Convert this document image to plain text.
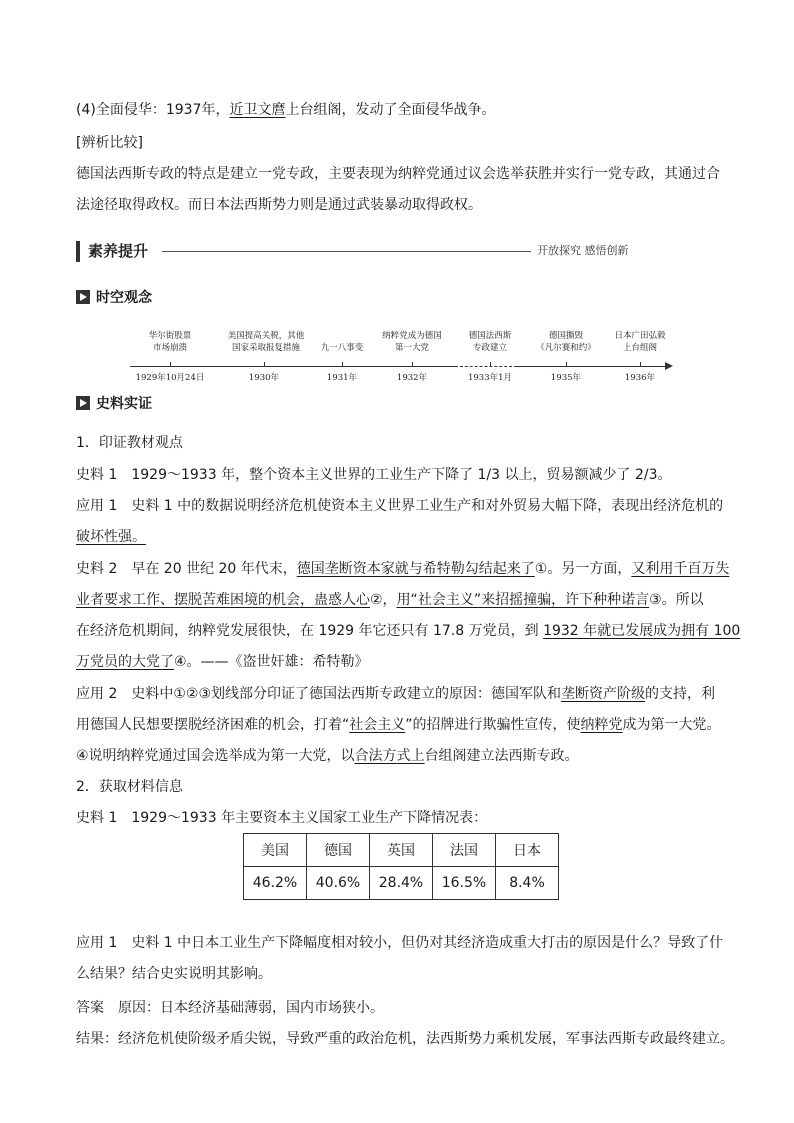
(4)全面侵华：1937年，近卫文麿上台组阁，发动了全面侵华战争。
[辨析比较]
德国法西斯专政的特点是建立一党专政，主要表现为纳粹党通过议会选举获胜并实行一党专政，其通过合
法途径取得政权。而日本法西斯势力则是通过武装暴动取得政权。
素养提升	开放探究 感悟创新
时空观念
华尔街股票
市场崩溃
1929年10月24日
美国提高关税，其他
国家采取报复措施
1930年

九一八事变
1931年
纳粹党成为德国
第一大党
1932年
德国法西斯
专政建立
1933年1月
德国撕毁
《凡尔赛和约》
1935年
日本广田弘毅
上台组阁
1936年
史料实证
1．印证教材观点
史料 1　1929～1933 年，整个资本主义世界的工业生产下降了 1/3 以上，贸易额减少了 2/3。
应用 1　史料 1 中的数据说明经济危机使资本主义世界工业生产和对外贸易大幅下降，表现出经济危机的
破坏性强。
史料 2　早在 20 世纪 20 年代末，德国垄断资本家就与希特勒勾结起来了①。另一方面，又利用千百万失
业者要求工作、摆脱苦难困境的机会，蛊惑人心②，用“社会主义”来招摇撞骗，许下种种诺言③。所以
在经济危机期间，纳粹党发展很快，在 1929 年它还只有 17.8 万党员，到 1932 年就已发展成为拥有 100
万党员的大党了④。——《盗世奸雄：希特勒》
应用 2　史料中①②③划线部分印证了德国法西斯专政建立的原因：德国军队和垄断资产阶级的支持，利
用德国人民想要摆脱经济困难的机会，打着“社会主义”的招牌进行欺骗性宣传，使纳粹党成为第一大党。
④说明纳粹党通过国会选举成为第一大党，以合法方式上台组阁建立法西斯专政。
2．获取材料信息
史料 1　1929～1933 年主要资本主义国家工业生产下降情况表：
美国	德国	英国	法国	日本
46.2%	40.6%	28.4%	16.5%	8.4%
应用 1　史料 1 中日本工业生产下降幅度相对较小，但仍对其经济造成重大打击的原因是什么？导致了什
么结果？结合史实说明其影响。
答案　原因：日本经济基础薄弱，国内市场狭小。
结果：经济危机使阶级矛盾尖锐，导致严重的政治危机，法西斯势力乘机发展，军事法西斯专政最终建立。
